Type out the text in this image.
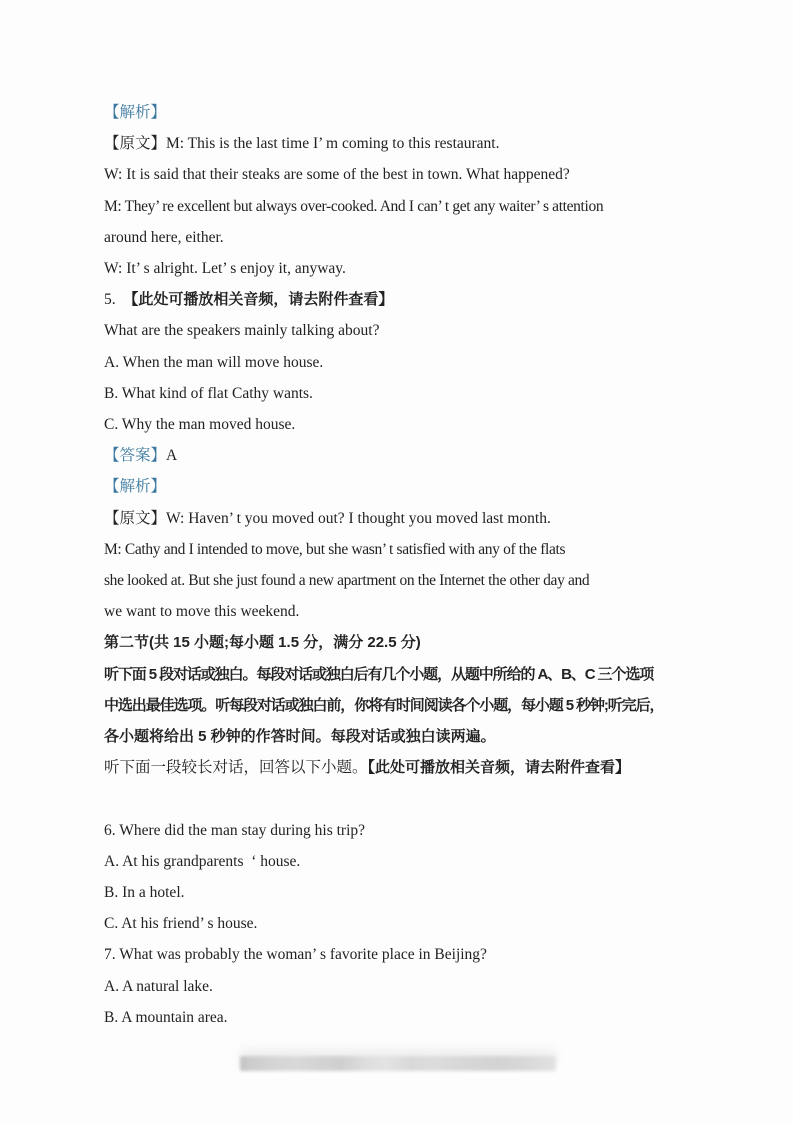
【解析】
【原文】M: This is the last time I’ m coming to this restaurant.
W: It is said that their steaks are some of the best in town. What happened?
M: They’ re excellent but always over-cooked. And I can’ t get any waiter’ s attention
around here, either.
W: It’ s alright. Let’ s enjoy it, anyway.
5.  【此处可播放相关音频，请去附件查看】
What are the speakers mainly talking about?
A. When the man will move house.
B. What kind of flat Cathy wants.
C. Why the man moved house.
【答案】A
【解析】
【原文】W: Haven’ t you moved out? I thought you moved last month.
M: Cathy and I intended to move, but she wasn’ t satisfied with any of the flats
she looked at. But she just found a new apartment on the Internet the other day and
we want to move this weekend.
第二节(共 15 小题;每小题 1.5 分，满分 22.5 分)
听下面 5 段对话或独白。每段对话或独白后有几个小题，从题中所给的 A、B、C 三个选项
中选出最佳选项。听每段对话或独白前，你将有时间阅读各个小题，每小题 5 秒钟;听完后，
各小题将给出 5 秒钟的作答时间。每段对话或独白读两遍。
听下面一段较长对话，回答以下小题。【此处可播放相关音频，请去附件查看】

6. Where did the man stay during his trip?
A. At his grandparents  ‘ house.
B. In a hotel.
C. At his friend’ s house.
7. What was probably the woman’ s favorite place in Beijing?
A. A natural lake.
B. A mountain area.
